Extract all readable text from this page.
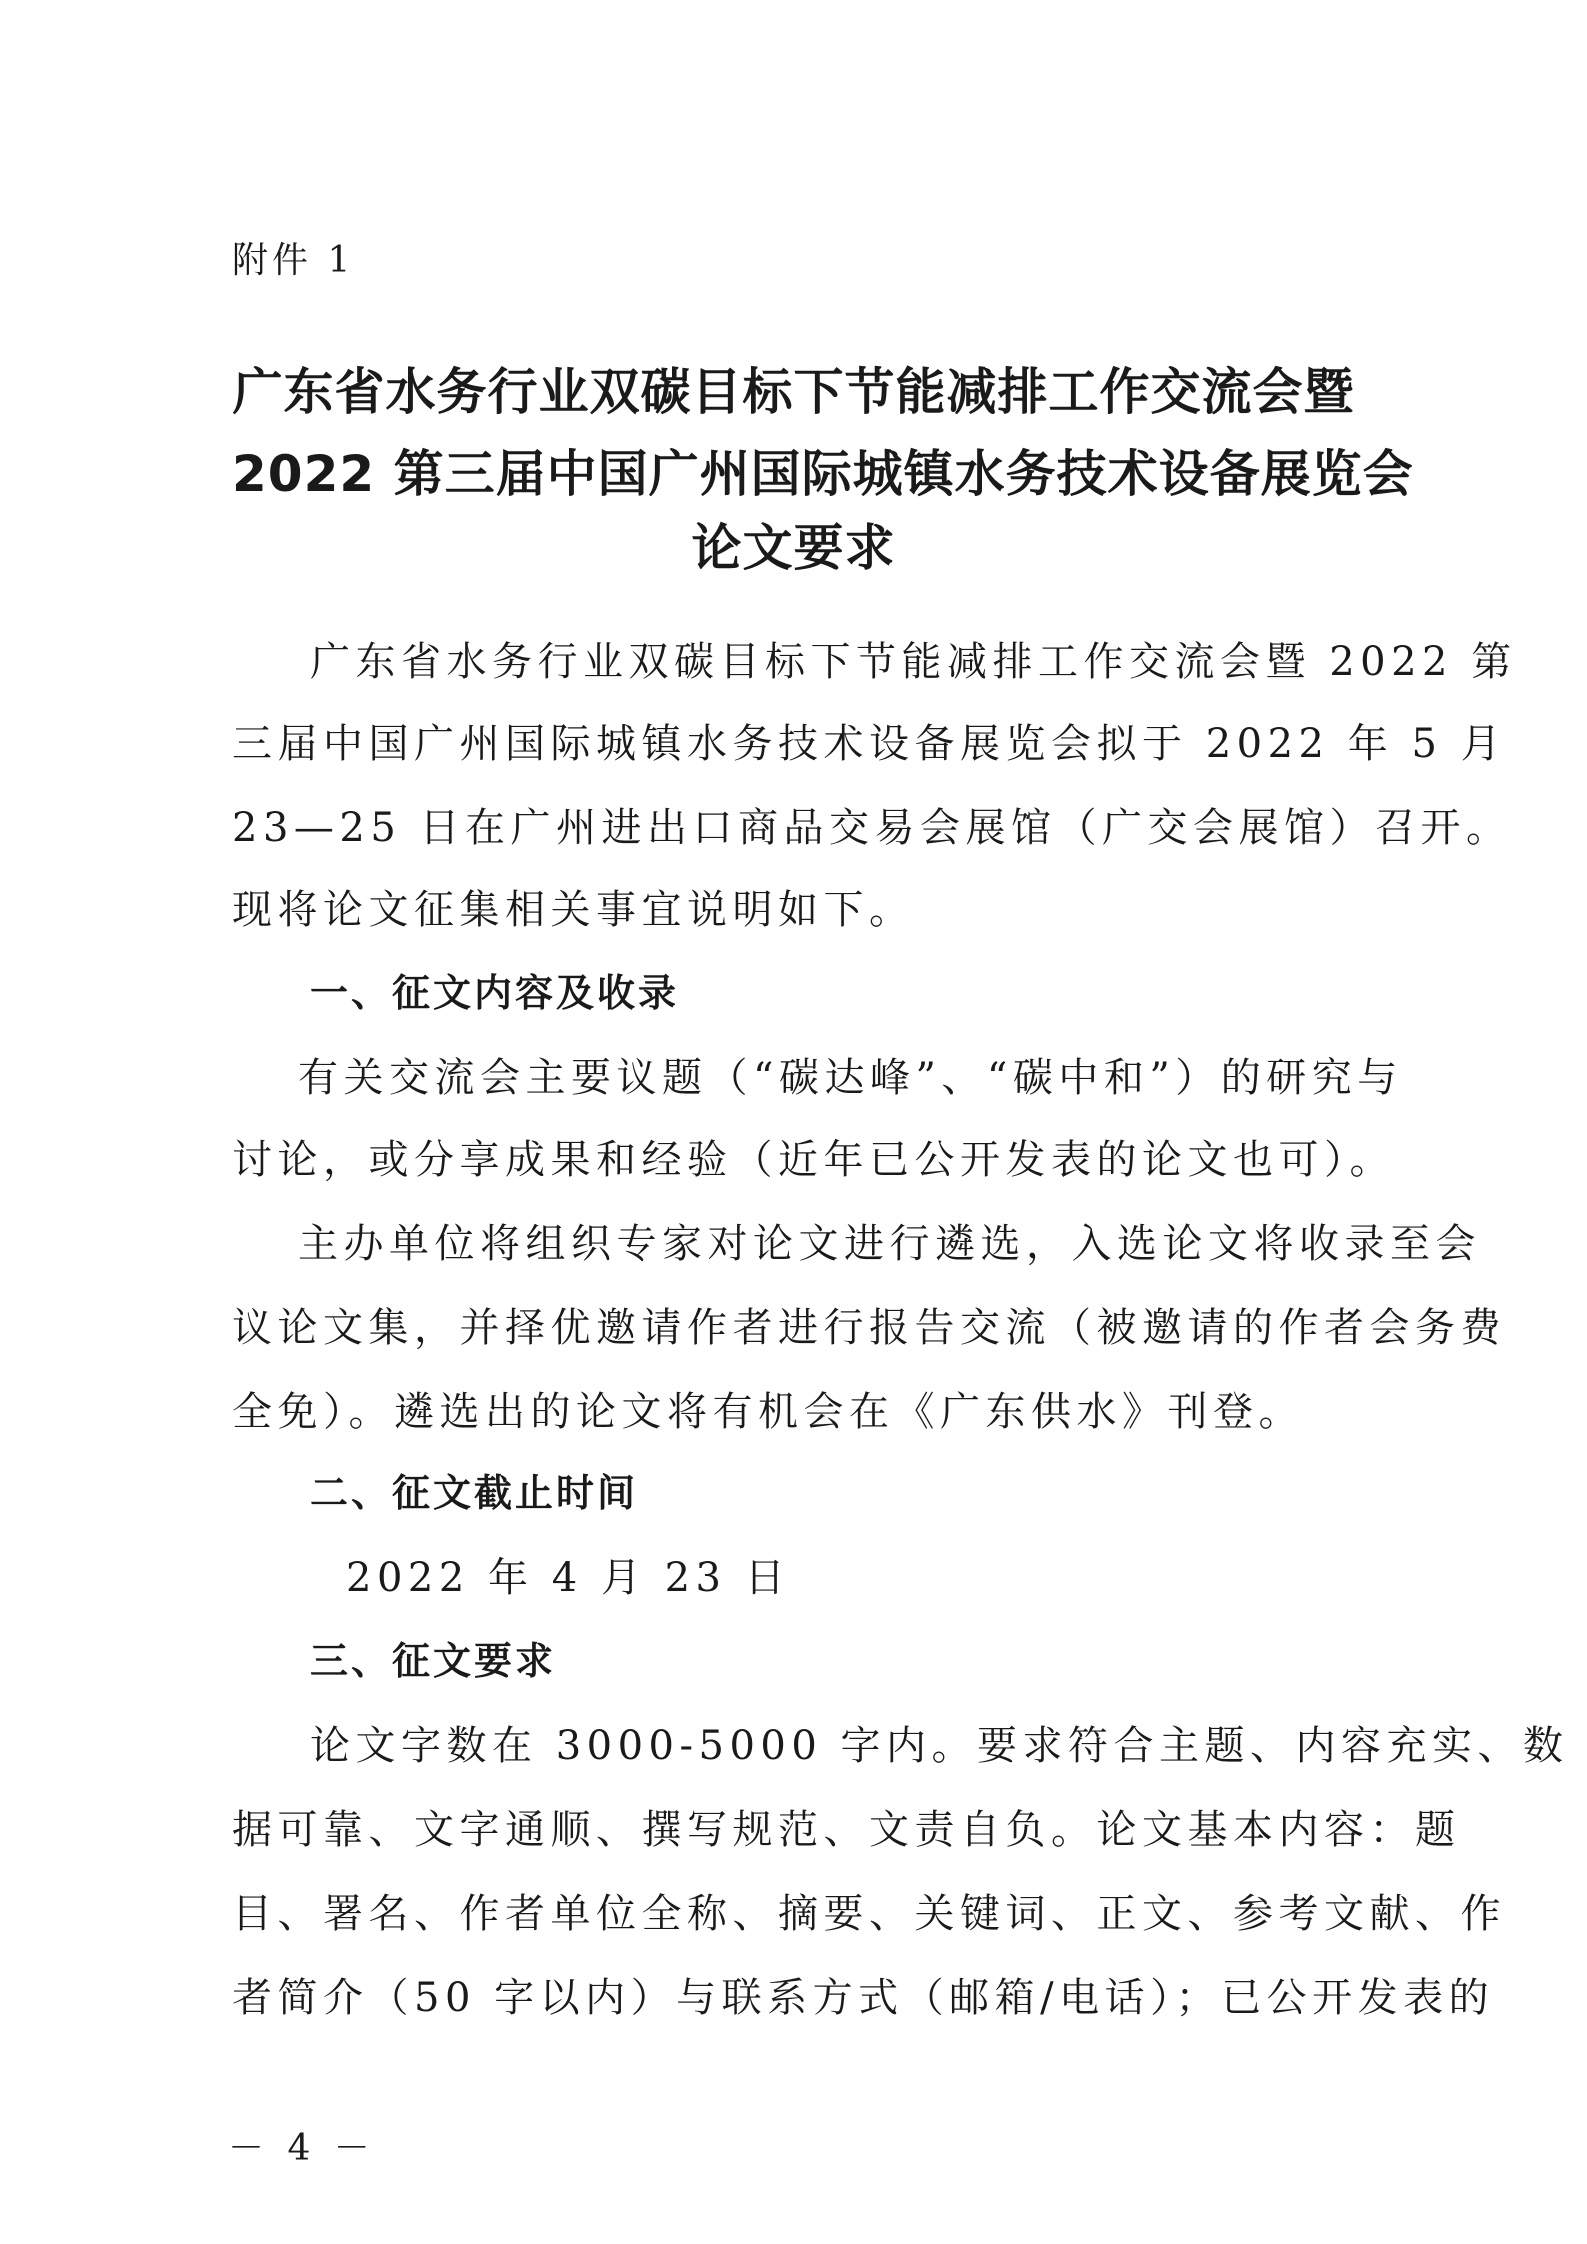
附件 1
广东省水务行业双碳目标下节能减排工作交流会暨
2022 第三届中国广州国际城镇水务技术设备展览会
论文要求
广东省水务行业双碳目标下节能减排工作交流会暨 2022 第
三届中国广州国际城镇水务技术设备展览会拟于 2022 年 5 月
23—25 日在广州进出口商品交易会展馆（广交会展馆）召开。
现将论文征集相关事宜说明如下。
一、征文内容及收录
有关交流会主要议题（“碳达峰”、“碳中和”）的研究与
讨论，或分享成果和经验（近年已公开发表的论文也可）。
主办单位将组织专家对论文进行遴选，入选论文将收录至会
议论文集，并择优邀请作者进行报告交流（被邀请的作者会务费
全免）。遴选出的论文将有机会在《广东供水》刊登。
二、征文截止时间
2022 年 4 月 23 日
三、征文要求
论文字数在 3000-5000 字内。要求符合主题、内容充实、数
据可靠、文字通顺、撰写规范、文责自负。论文基本内容：题
目、署名、作者单位全称、摘要、关键词、正文、参考文献、作
者简介（50 字以内）与联系方式（邮箱/电话）；已公开发表的
－ 4 －
